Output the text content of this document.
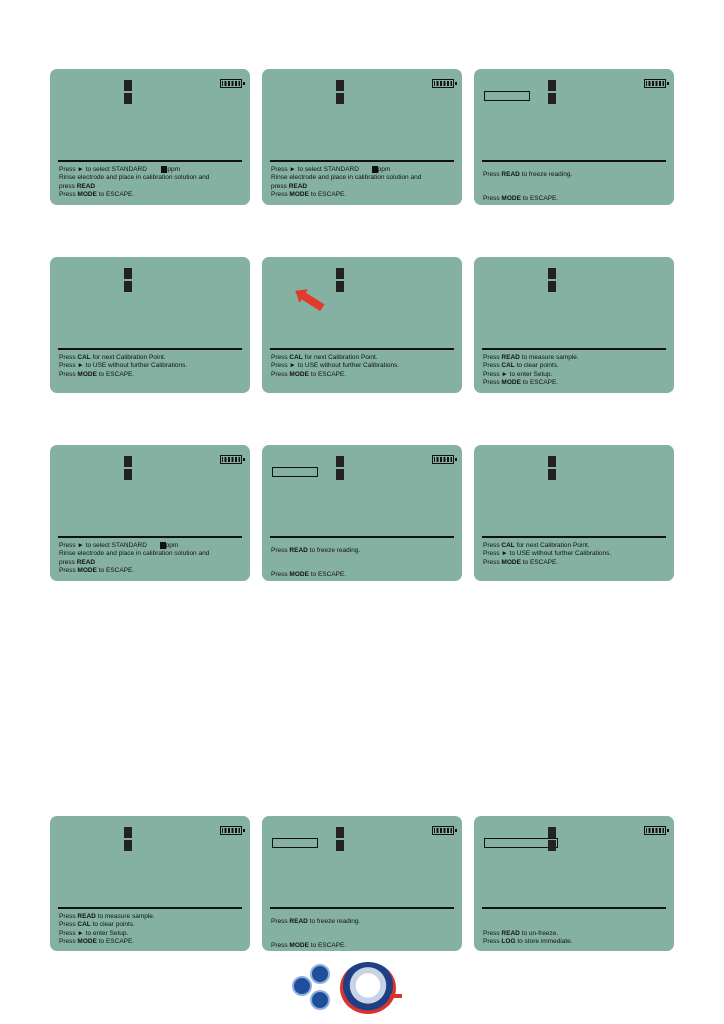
Press ► to select STANDARD        ppm
Rinse electrode and place in calibration solution and
press READ
Press MODE to ESCAPE.
Press ► to select STANDARD       ppm
Rinse electrode and place in calibration solution and
press READ
Press MODE to ESCAPE.
Press READ to freeze reading.

Press MODE to ESCAPE.
Press CAL for next Calibration Point.
Press ► to USE without further Calibrations.
Press MODE to ESCAPE.
Press CAL for next Calibration Point.
Press ► to USE without further Calibrations.
Press MODE to ESCAPE.
Press READ to measure sample.
Press CAL to clear points.
Press ► to enter Setup.
Press MODE to ESCAPE.
Press ► to select STANDARD       ppm
Rinse electrode and place in calibration solution and
press READ
Press MODE to ESCAPE.
Press READ to freeze reading.

Press MODE to ESCAPE.
Press CAL for next Calibration Point.
Press ► to USE without further Calibrations.
Press MODE to ESCAPE.
Press READ to measure sample.
Press CAL to clear points.
Press ► to enter Setup.
Press MODE to ESCAPE.
Press READ to freeze reading.

Press MODE to ESCAPE.
Press READ to un-freeze.
Press LOG to store immediate.
